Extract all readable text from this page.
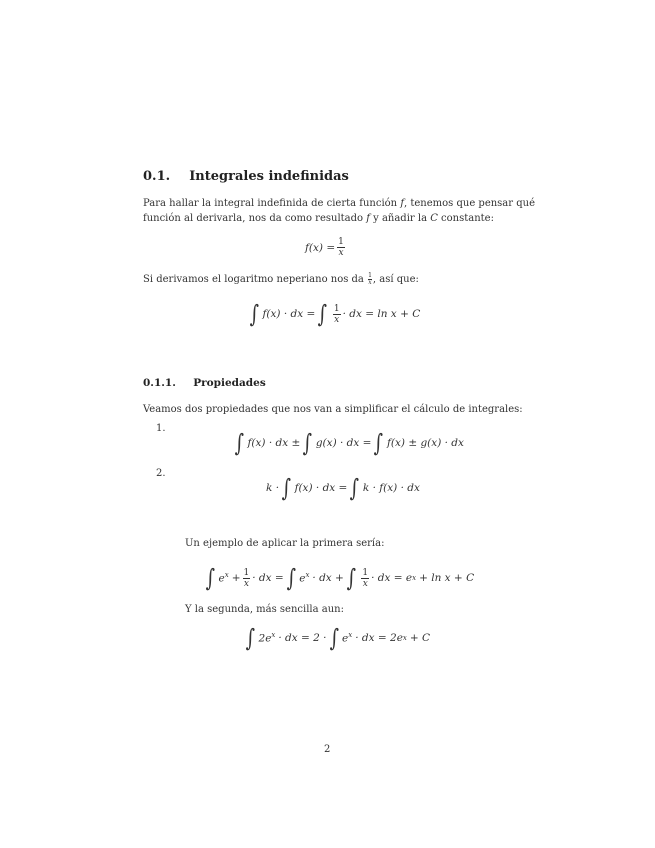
0.1. Integrales indefinidas
Para hallar la integral indefinida de cierta función f, tenemos que pensar qué
función al derivarla, nos da como resultado f y añadir la C constante:
$f(x) = \frac{1}{x}$
Si derivamos el logaritmo neperiano nos da $\frac{1}{x}$ , así que:
∫ f(x) · dx = ∫ $\frac{1}{x}$ · dx = ln x + C
0.1.1. Propiedades
Veamos dos propiedades que nos van a simplificar el cálculo de integrales:
1.
∫ f(x) · dx ± ∫ g(x) · dx = ∫ f(x) ± g(x) · dx
2.
k · ∫ f(x) · dx = ∫ k · f(x) · dx
Un ejemplo de aplicar la primera sería:
∫ $e^x + \frac{1}{x}$ · dx = ∫ $e^x$ · dx + ∫ $\frac{1}{x}$ · dx = e x + ln x + C
Y la segunda, más sencilla aun:
∫ $2e^x$ · dx = 2 · ∫ $e^x$ · dx = 2e x + C
2
